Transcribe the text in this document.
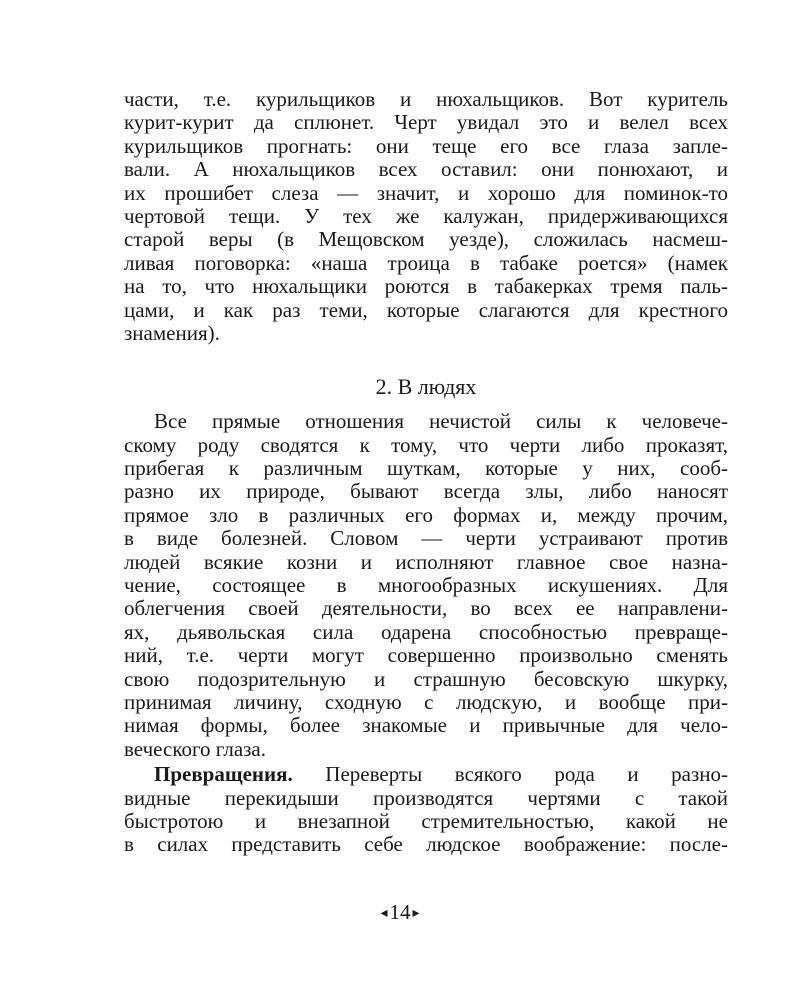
части, т.е. курильщиков и нюхальщиков. Вот куритель
курит-курит да сплюнет. Черт увидал это и велел всех
курильщиков прогнать: они теще его все глаза запле-
вали. А нюхальщиков всех оставил: они понюхают, и
их прошибет слеза — значит, и хорошо для поминок-то
чертовой тещи. У тех же калужан, придерживающихся
старой веры (в Мещовском уезде), сложилась насмеш-
ливая поговорка: «наша троица в табаке роется» (намек
на то, что нюхальщики роются в табакерках тремя паль-
цами, и как раз теми, которые слагаются для крестного
знамения).
2. В людях
Все прямые отношения нечистой силы к человече-
скому роду сводятся к тому, что черти либо проказят,
прибегая к различным шуткам, которые у них, сооб-
разно их природе, бывают всегда злы, либо наносят
прямое зло в различных его формах и, между прочим,
в виде болезней. Словом — черти устраивают против
людей всякие козни и исполняют главное свое назна-
чение, состоящее в многообразных искушениях. Для
облегчения своей деятельности, во всех ее направлени-
ях, дьявольская сила одарена способностью превраще-
ний, т.е. черти могут совершенно произвольно сменять
свою подозрительную и страшную бесовскую шкурку,
принимая личину, сходную с людскую, и вообще при-
нимая формы, более знакомые и привычные для чело-
веческого глаза.
Превращения. Переверты всякого рода и разно-
видные перекидыши производятся чертями с такой
быстротою и внезапной стремительностью, какой не
в силах представить себе людское воображение: после-
◂14 ▸
